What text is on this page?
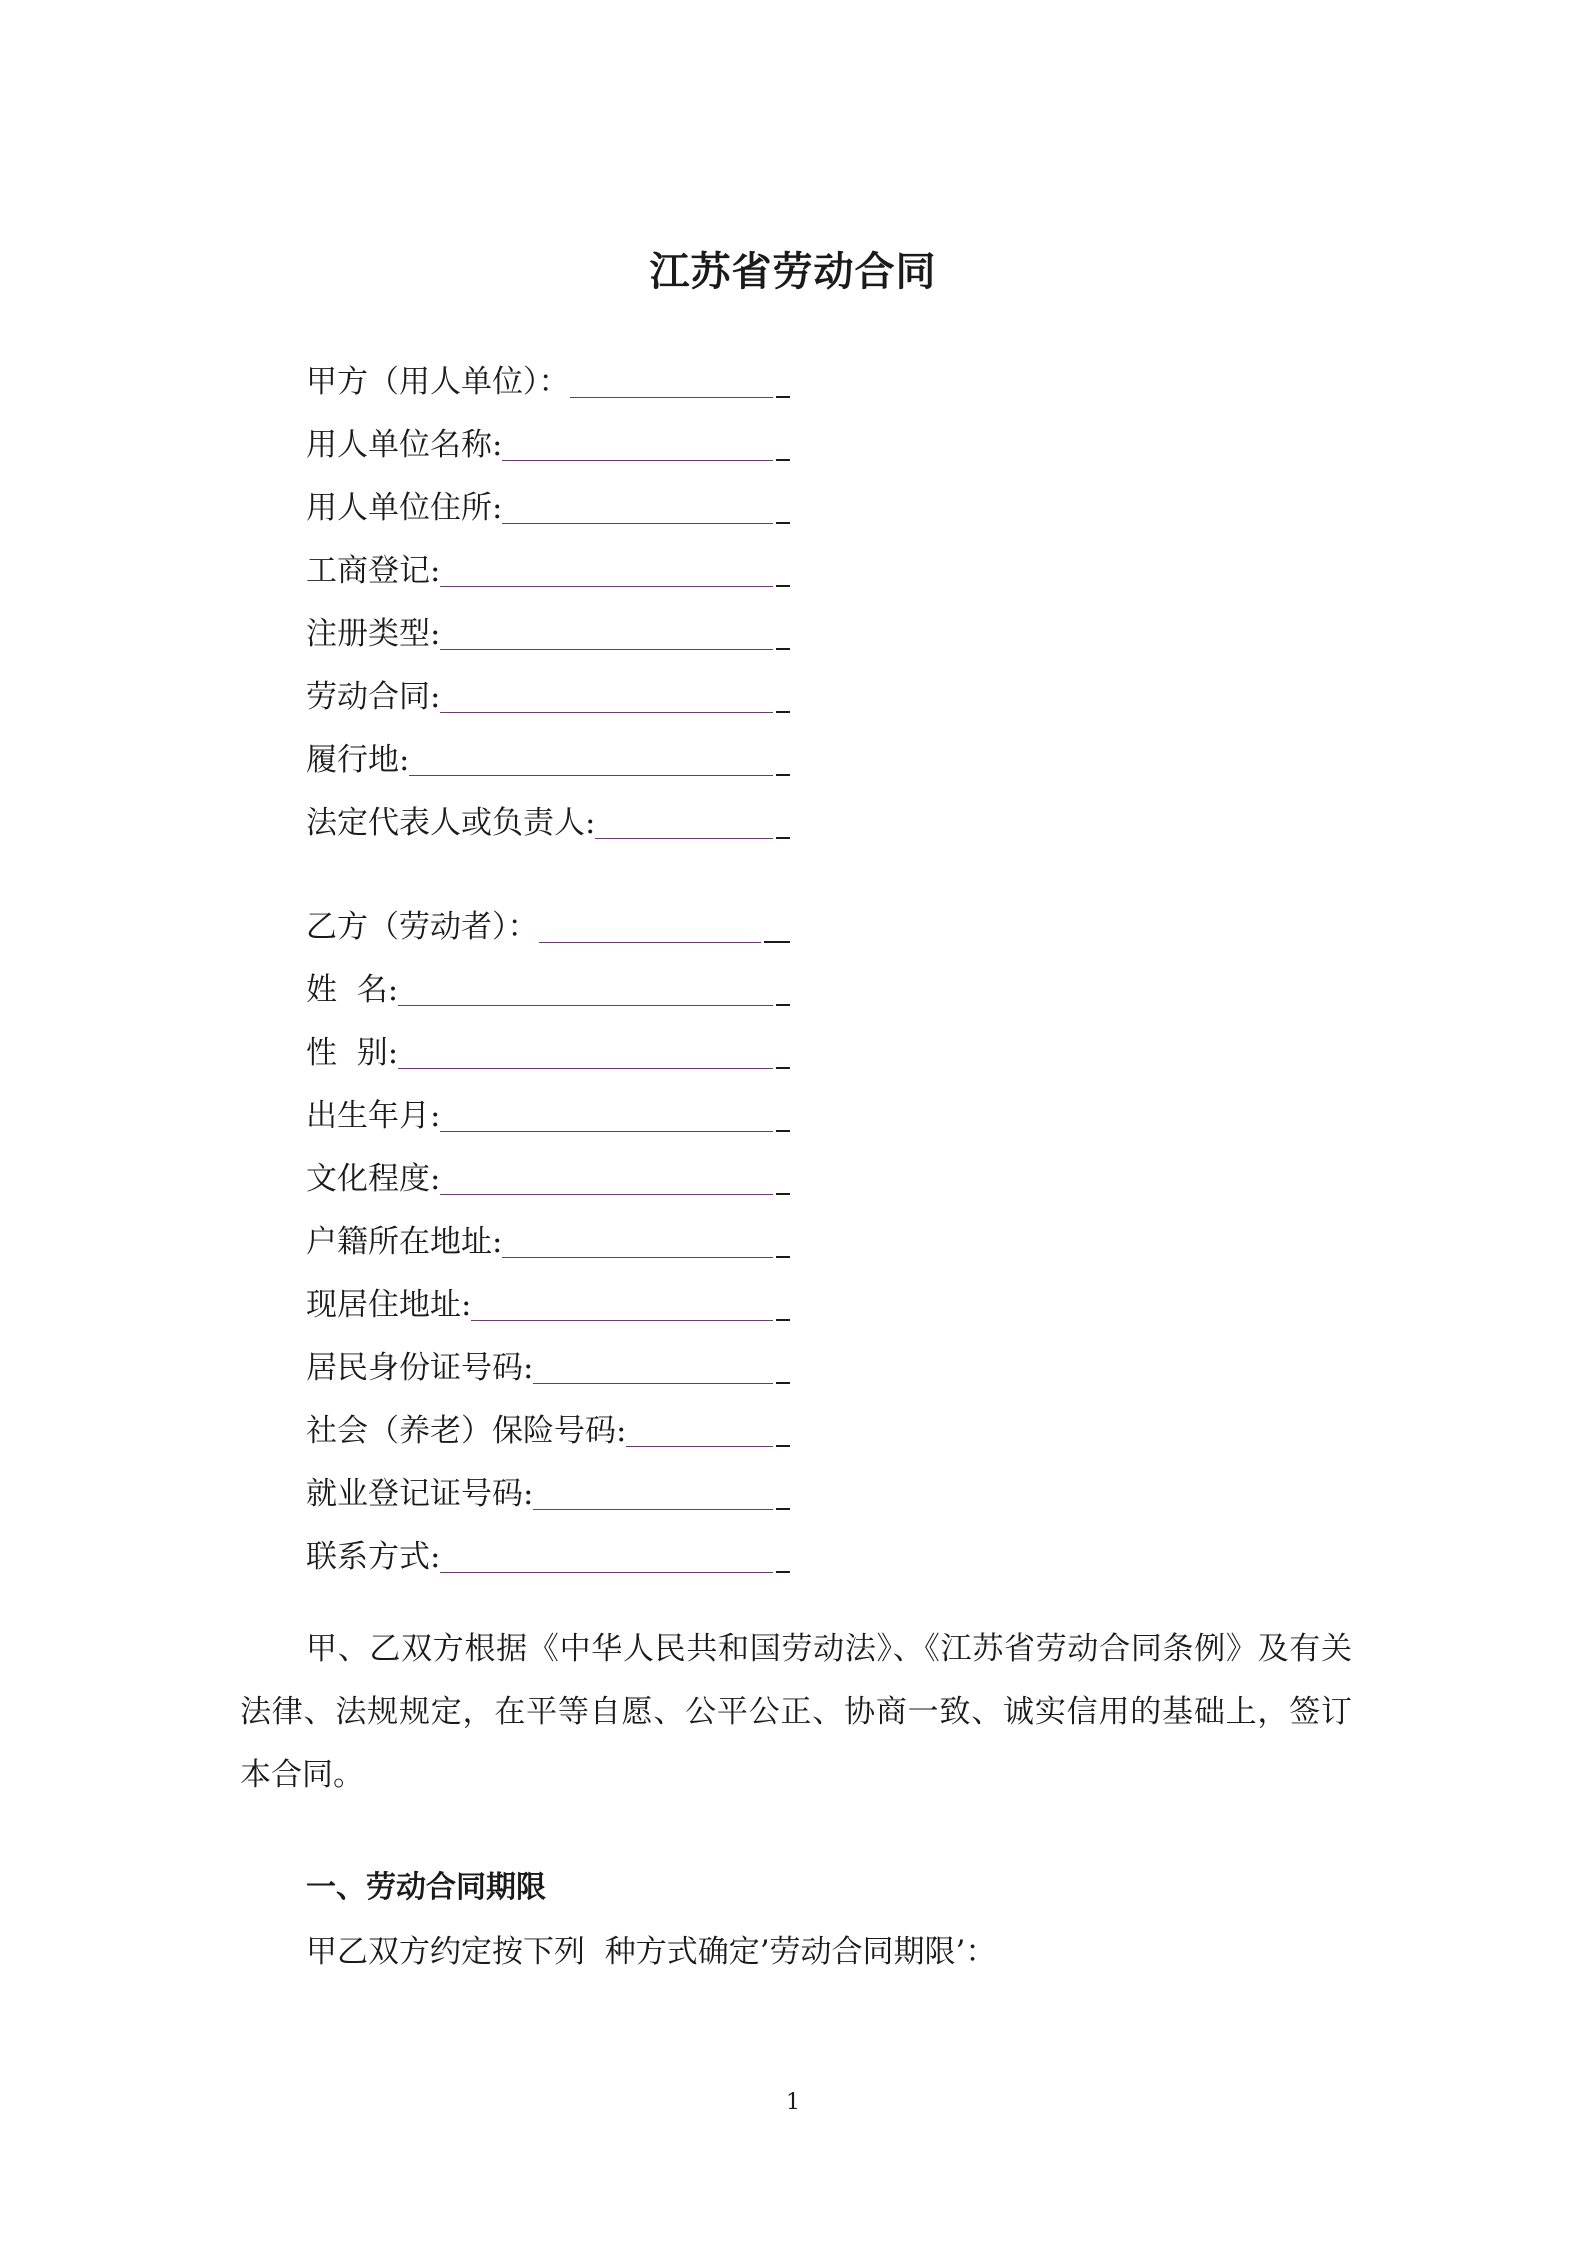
江苏省劳动合同
甲方（用人单位）：
用人单位名称:
用人单位住所:
工商登记:
注册类型:
劳动合同:
履行地:
法定代表人或负责人:
乙方（劳动者）：
姓  名:
性  别:
出生年月:
文化程度:
户籍所在地址:
现居住地址:
居民身份证号码:
社会（养老）保险号码:
就业登记证号码:
联系方式:

甲、乙双方根据《中华人民共和国劳动法》、《江苏省劳动合同条例》及有关法律、法规规定，在平等自愿、公平公正、协商一致、诚实信用的基础上，签订本合同。

一、劳动合同期限
甲乙双方约定按下列  种方式确定’劳动合同期限’：
1
